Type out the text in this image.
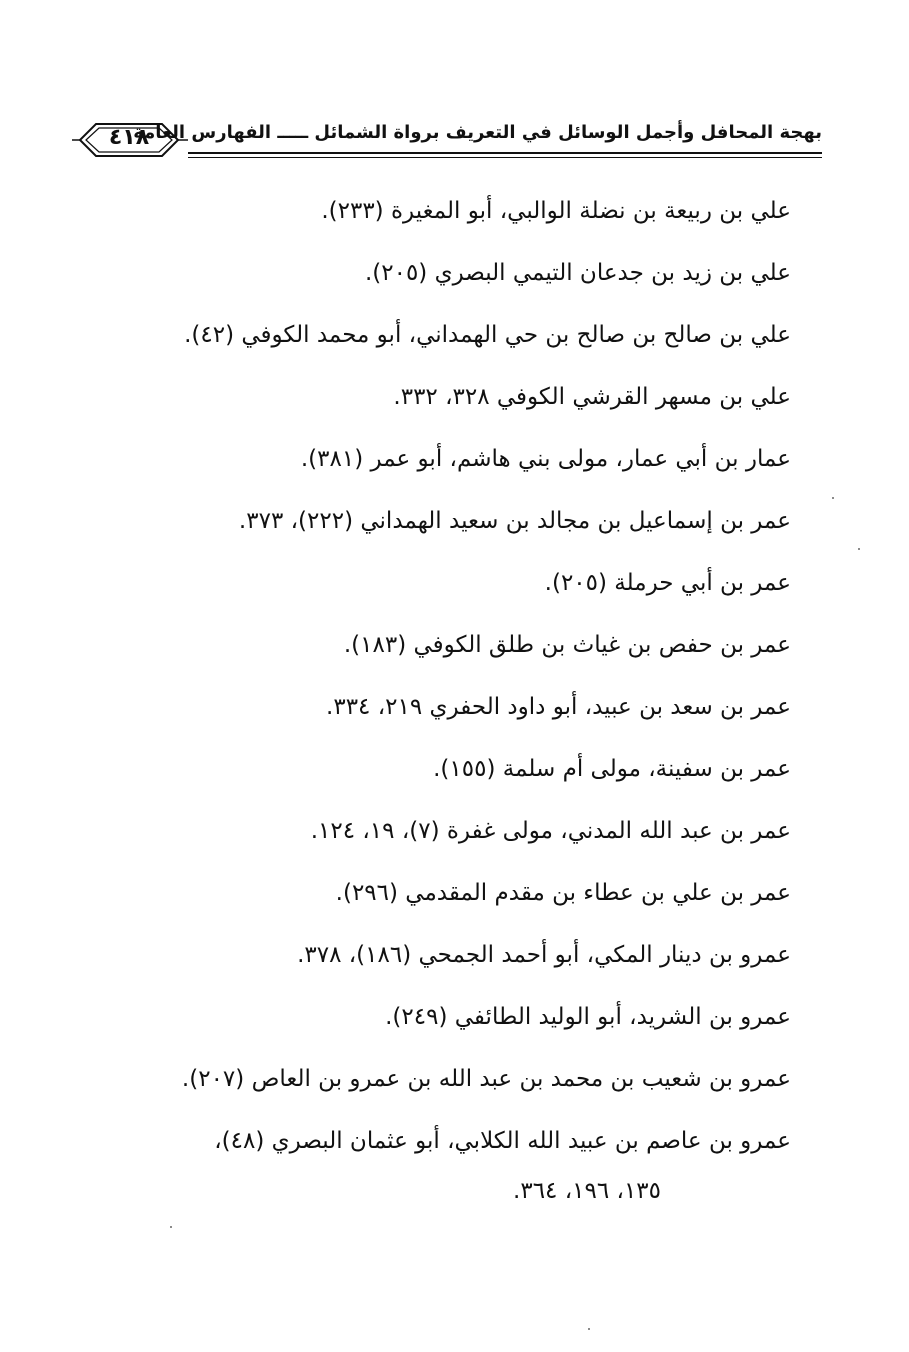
٤١٨
بهجة المحافل وأجمل الوسائل في التعريف برواة الشمائل ـــــ الفهارس العامة
علي بن ربيعة بن نضلة الوالبي، أبو المغيرة (٢٣٣).
علي بن زيد بن جدعان التيمي البصري (٢٠٥).
علي بن صالح بن صالح بن حي الهمداني، أبو محمد الكوفي (٤٢).
علي بن مسهر القرشي الكوفي ٣٢٨، ٣٣٢.
عمار بن أبي عمار، مولى بني هاشم، أبو عمر (٣٨١).
عمر بن إسماعيل بن مجالد بن سعيد الهمداني (٢٢٢)، ٣٧٣.
عمر بن أبي حرملة (٢٠٥).
عمر بن حفص بن غياث بن طلق الكوفي (١٨٣).
عمر بن سعد بن عبيد، أبو داود الحفري ٢١٩، ٣٣٤.
عمر بن سفينة، مولى أم سلمة (١٥٥).
عمر بن عبد الله المدني، مولى غفرة (٧)، ١٩، ١٢٤.
عمر بن علي بن عطاء بن مقدم المقدمي (٢٩٦).
عمرو بن دينار المكي، أبو أحمد الجمحي (١٨٦)، ٣٧٨.
عمرو بن الشريد، أبو الوليد الطائفي (٢٤٩).
عمرو بن شعيب بن محمد بن عبد الله بن عمرو بن العاص (٢٠٧).
عمرو بن عاصم بن عبيد الله الكلابي، أبو عثمان البصري (٤٨)،
١٣٥، ١٩٦، ٣٦٤.
